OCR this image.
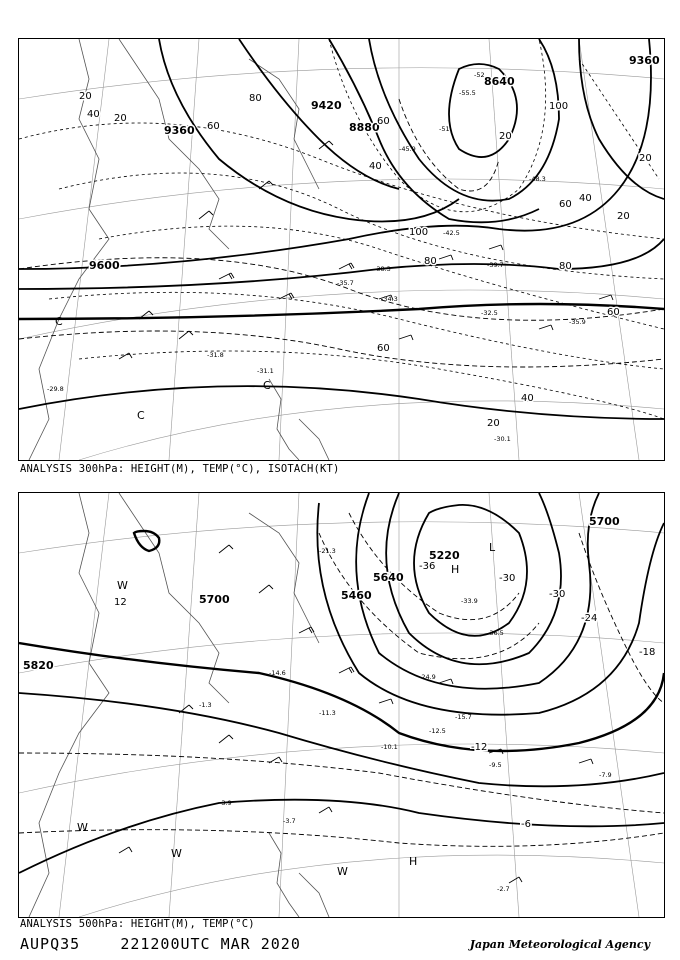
9360
9420
8880
8640
9360
9600
20
40
60
80
100
20
40
60
80
100
20
40
60
80
20
60
40
20
60
20
-45.9
-48.3
-51
-55.5
-52
-39.7
-34.3
-32.5
-35.9
-31.1
-30.1
-42.5
-29.8
-31.8
-38.3
-35.7
C
C
C
ANALYSIS 300hPa: HEIGHT(M), TEMP(°C), ISOTACH(KT)
5220
5460
5640
5700
5820
5700
-36
-30
-24
-18
-12
-6
-30
12
-21.3
-33.9
-36.5
-15.7
-11.3
-9.5
-7.9
-3.9
-3.7
-2.7
-1.3
-24.9
-14.6
-10.1
-12.5
H
L
W
W
W
W
H
ANALYSIS 500hPa: HEIGHT(M), TEMP(°C)
AUPQ35	221200UTC MAR 2020	Japan Meteorological Agency
